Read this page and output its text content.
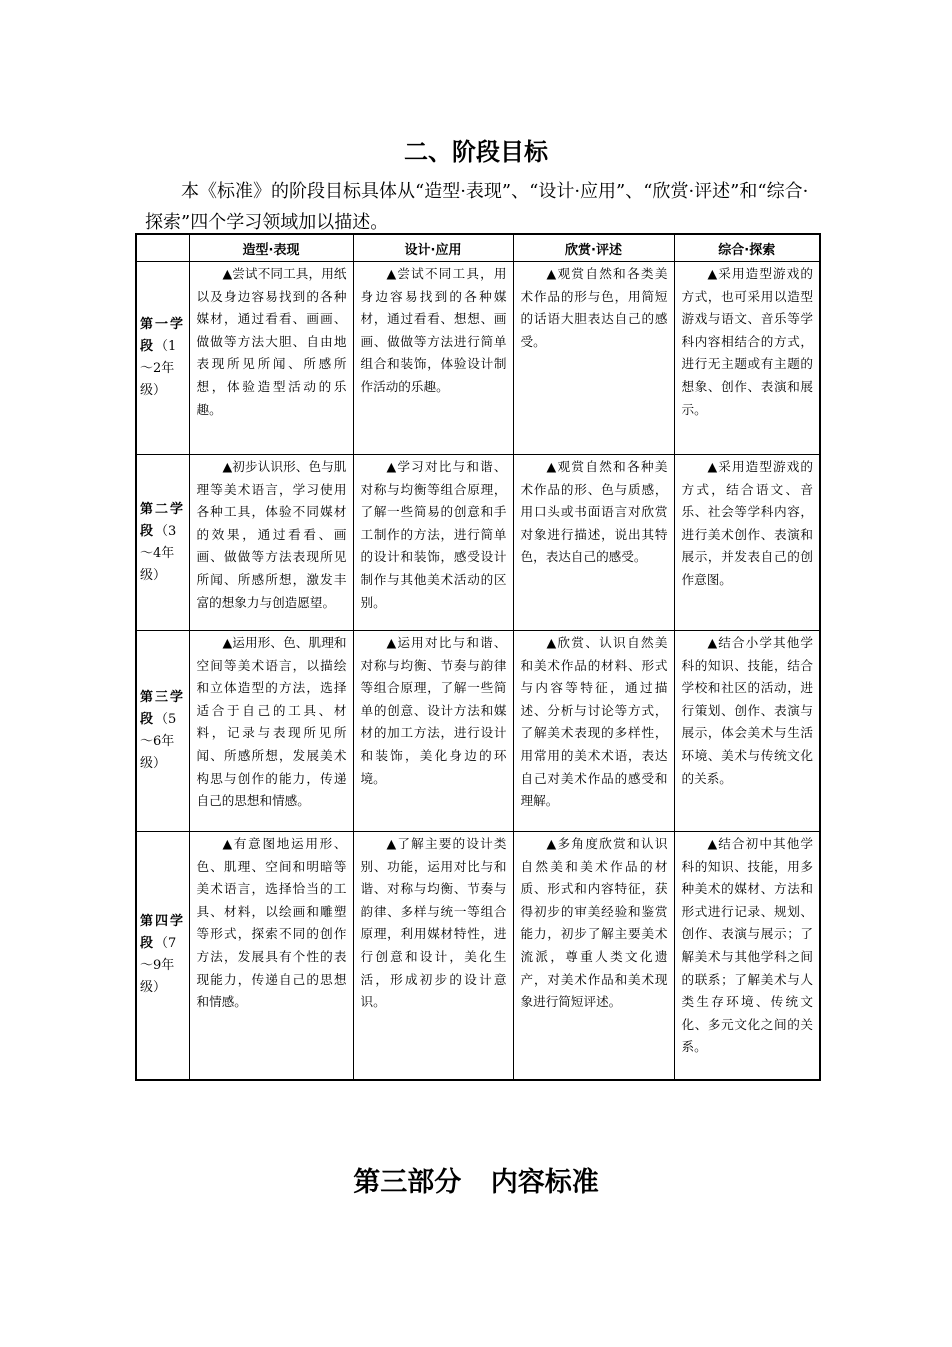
二、阶段目标

本《标准》的阶段目标具体从“造型·表现”、“设计·应用”、“欣赏·评述”和“综合·探索”四个学习领域加以描述。

	造型·表现	设计·应用	欣赏·评述	综合·探索
第一学段（1～2年级）	▲尝试不同工具，用纸以及身边容易找到的各种媒材，通过看看、画画、做做等方法大胆、自由地表现所见所闻、所感所想，体验造型活动的乐趣。	▲尝试不同工具，用身边容易找到的各种媒材，通过看看、想想、画画、做做等方法进行简单组合和装饰，体验设计制作活动的乐趣。	▲观赏自然和各类美术作品的形与色，用简短的话语大胆表达自己的感受。	▲采用造型游戏的方式，也可采用以造型游戏与语文、音乐等学科内容相结合的方式，进行无主题或有主题的想象、创作、表演和展示。

第二学段（3～4年级）	▲初步认识形、色与肌理等美术语言，学习使用各种工具，体验不同媒材的效果，通过看看、画画、做做等方法表现所见所闻、所感所想，激发丰富的想象力与创造愿望。	▲学习对比与和谐、对称与均衡等组合原理，了解一些简易的创意和手工制作的方法，进行简单的设计和装饰，感受设计制作与其他美术活动的区别。	▲观赏自然和各种美术作品的形、色与质感，用口头或书面语言对欣赏对象进行描述，说出其特色，表达自己的感受。	▲采用造型游戏的方式，结合语文、音乐、社会等学科内容，进行美术创作、表演和展示，并发表自己的创作意图。

第三学段（5～6年级）	▲运用形、色、肌理和空间等美术语言，以描绘和立体造型的方法，选择适合于自己的工具、材料，记录与表现所见所闻、所感所想，发展美术构思与创作的能力，传递自己的思想和情感。	▲运用对比与和谐、对称与均衡、节奏与韵律等组合原理，了解一些简单的创意、设计方法和媒材的加工方法，进行设计和装饰，美化身边的环境。	▲欣赏、认识自然美和美术作品的材料、形式与内容等特征，通过描述、分析与讨论等方式，了解美术表现的多样性，用常用的美术术语，表达自己对美术作品的感受和理解。	▲结合小学其他学科的知识、技能，结合学校和社区的活动，进行策划、创作、表演与展示，体会美术与生活环境、美术与传统文化的关系。

第四学段（7～9年级）	▲有意图地运用形、色、肌理、空间和明暗等美术语言，选择恰当的工具、材料，以绘画和雕塑等形式，探索不同的创作方法，发展具有个性的表现能力，传递自己的思想和情感。	▲了解主要的设计类别、功能，运用对比与和谐、对称与均衡、节奏与韵律、多样与统一等组合原理，利用媒材特性，进行创意和设计，美化生活，形成初步的设计意识。	▲多角度欣赏和认识自然美和美术作品的材质、形式和内容特征，获得初步的审美经验和鉴赏能力，初步了解主要美术流派，尊重人类文化遗产，对美术作品和美术现象进行简短评述。	▲结合初中其他学科的知识、技能，用多种美术的媒材、方法和形式进行记录、规划、创作、表演与展示；了解美术与其他学科之间的联系；了解美术与人类生存环境、传统文化、多元文化之间的关系。
第三部分 内容标准
